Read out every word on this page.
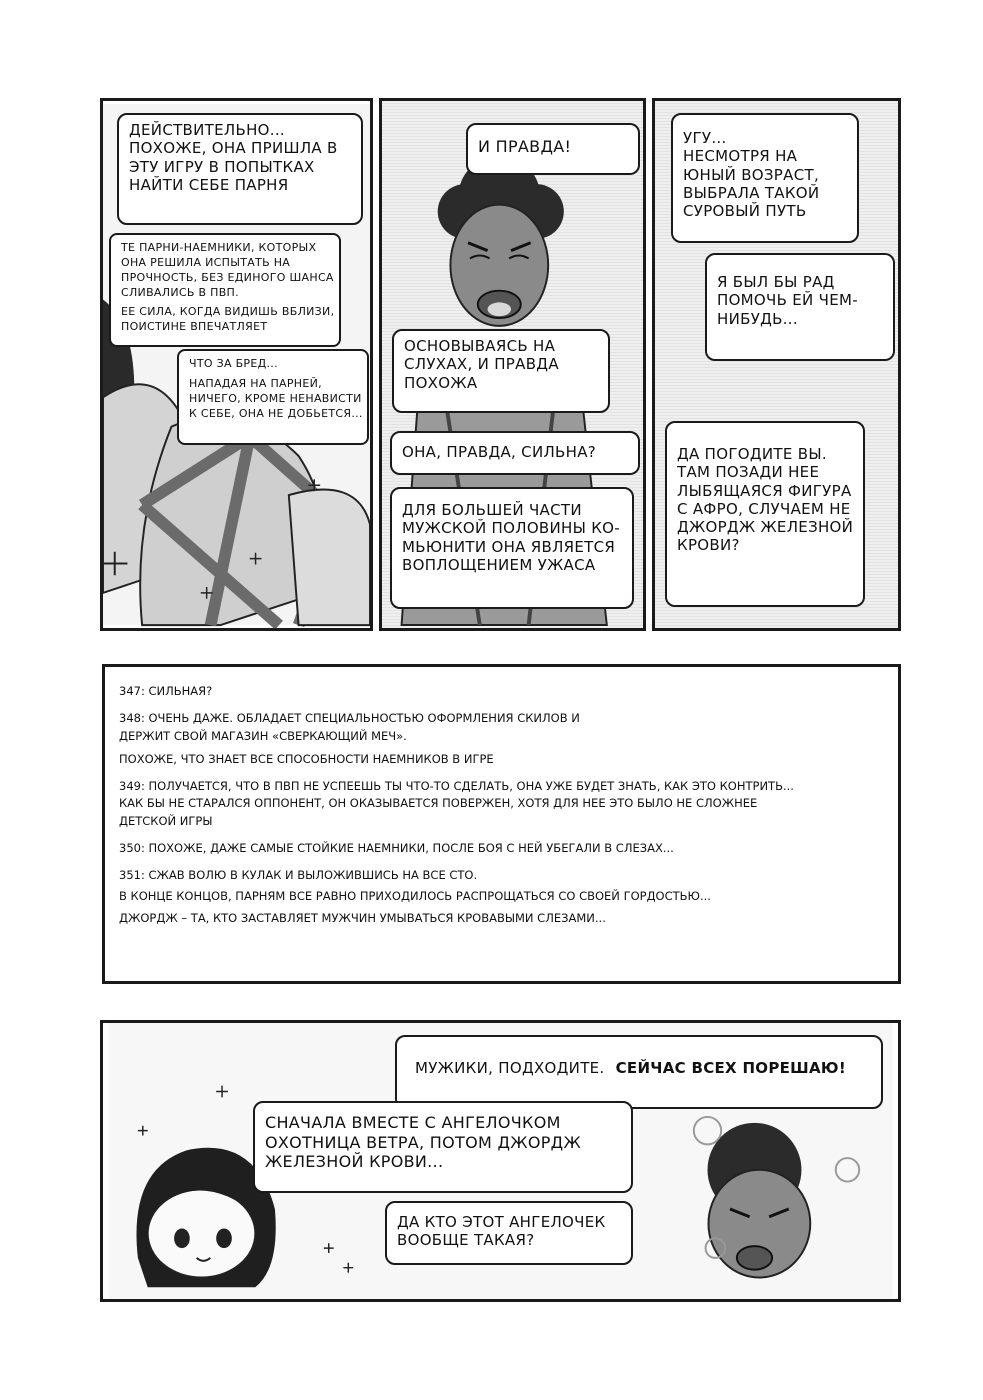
ДЕЙСТВИТЕЛЬНО...
ПОХОЖЕ, ОНА ПРИШЛА В
ЭТУ ИГРУ В ПОПЫТКАХ
НАЙТИ СЕБЕ ПАРНЯ
ТЕ ПАРНИ-НАЕМНИКИ, КОТОРЫХ
ОНА РЕШИЛА ИСПЫТАТЬ НА
ПРОЧНОСТЬ, БЕЗ ЕДИНОГО ШАНСА
СЛИВАЛИСЬ В ПВП.
ЕЕ СИЛА, КОГДА ВИДИШЬ ВБЛИЗИ,
ПОИСТИНЕ ВПЕЧАТЛЯЕТ
ЧТО ЗА БРЕД...
НАПАДАЯ НА ПАРНЕЙ,
НИЧЕГО, КРОМЕ НЕНАВИСТИ
К СЕБЕ, ОНА НЕ ДОБЬЕТСЯ...
И ПРАВДА!
ОСНОВЫВАЯСЬ НА
СЛУХАХ, И ПРАВДА
ПОХОЖА
ОНА, ПРАВДА, СИЛЬНА?
ДЛЯ БОЛЬШЕЙ ЧАСТИ
МУЖСКОЙ ПОЛОВИНЫ КО-
МЬЮНИТИ ОНА ЯВЛЯЕТСЯ
ВОПЛОЩЕНИЕМ УЖАСА
УГУ...
НЕСМОТРЯ НА
ЮНЫЙ ВОЗРАСТ,
ВЫБРАЛА ТАКОЙ
СУРОВЫЙ ПУТЬ
Я БЫЛ БЫ РАД
ПОМОЧЬ ЕЙ ЧЕМ-
НИБУДЬ...
ДА ПОГОДИТЕ ВЫ.
ТАМ ПОЗАДИ НЕЕ
ЛЫБЯЩАЯСЯ ФИГУРА
С АФРО, СЛУЧАЕМ НЕ
ДЖОРДЖ ЖЕЛЕЗНОЙ
КРОВИ?
347: СИЛЬНАЯ?
348: ОЧЕНЬ ДАЖЕ. ОБЛАДАЕТ СПЕЦИАЛЬНОСТЬЮ ОФОРМЛЕНИЯ СКИЛОВ И
ДЕРЖИТ СВОЙ МАГАЗИН «СВЕРКАЮЩИЙ МЕЧ».
ПОХОЖЕ, ЧТО ЗНАЕТ ВСЕ СПОСОБНОСТИ НАЕМНИКОВ В ИГРЕ
349: ПОЛУЧАЕТСЯ, ЧТО В ПВП НЕ УСПЕЕШЬ ТЫ ЧТО-ТО СДЕЛАТЬ, ОНА УЖЕ БУДЕТ ЗНАТЬ, КАК ЭТО КОНТРИТЬ...
КАК БЫ НЕ СТАРАЛСЯ ОППОНЕНТ, ОН ОКАЗЫВАЕТСЯ ПОВЕРЖЕН, ХОТЯ ДЛЯ НЕЕ ЭТО БЫЛО НЕ СЛОЖНЕЕ
ДЕТСКОЙ ИГРЫ
350: ПОХОЖЕ, ДАЖЕ САМЫЕ СТОЙКИЕ НАЕМНИКИ, ПОСЛЕ БОЯ С НЕЙ УБЕГАЛИ В СЛЕЗАХ...
351: СЖАВ ВОЛЮ В КУЛАК И ВЫЛОЖИВШИСЬ НА ВСЕ СТО.
В КОНЦЕ КОНЦОВ, ПАРНЯМ ВСЕ РАВНО ПРИХОДИЛОСЬ РАСПРОЩАТЬСЯ СО СВОЕЙ ГОРДОСТЬЮ...
ДЖОРДЖ – ТА, КТО ЗАСТАВЛЯЕТ МУЖЧИН УМЫВАТЬСЯ КРОВАВЫМИ СЛЕЗАМИ...
МУЖИКИ, ПОДХОДИТЕ. СЕЙЧАС ВСЕХ ПОРЕШАЮ!
СНАЧАЛА ВМЕСТЕ С АНГЕЛОЧКОМ
ОХОТНИЦА ВЕТРА, ПОТОМ ДЖОРДЖ
ЖЕЛЕЗНОЙ КРОВИ...
ДА КТО ЭТОТ АНГЕЛОЧЕК
ВООБЩЕ ТАКАЯ?
